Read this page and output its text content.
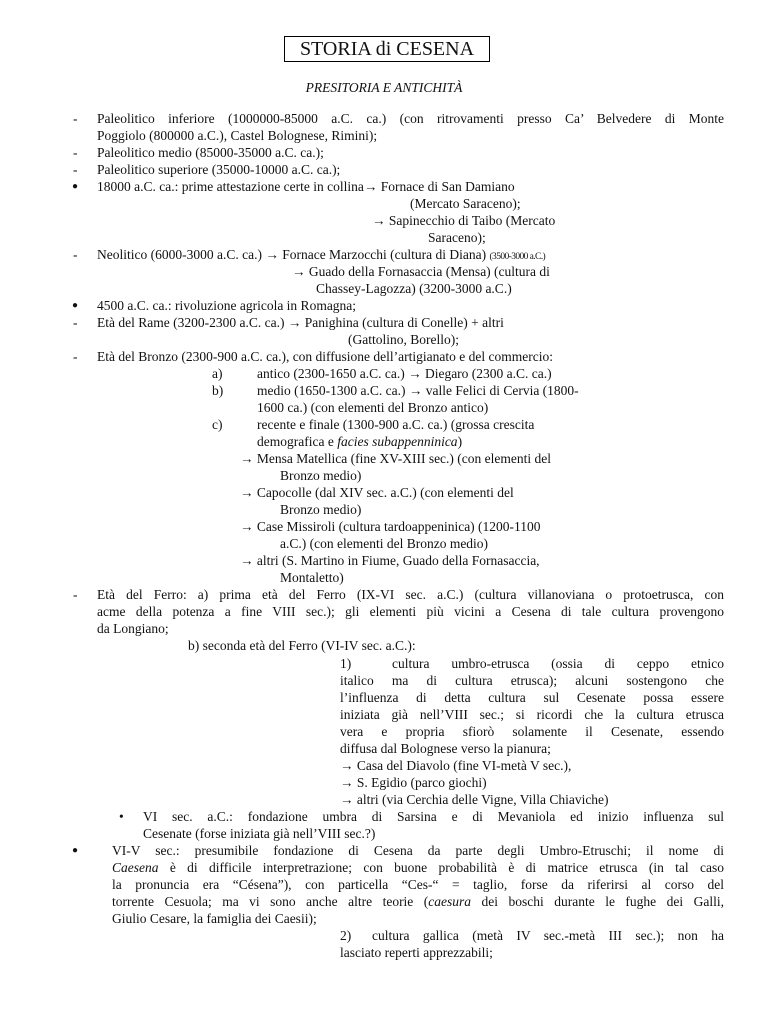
STORIA di CESENA
PRESITORIA E ANTICHITÀ
- Paleolitico inferiore (1000000-85000 a.C. ca.) (con ritrovamenti presso Ca’ Belvedere di Monte
Poggiolo (800000 a.C.), Castel Bolognese, Rimini);
- Paleolitico medio (85000-35000 a.C. ca.);
- Paleolitico superiore (35000-10000 a.C. ca.);
● 18000 a.C. ca.: prime attestazione certe in collina→ Fornace di San Damiano
(Mercato Saraceno);
→ Sapinecchio di Taibo (Mercato
Saraceno);
- Neolitico (6000-3000 a.C. ca.) → Fornace Marzocchi (cultura di Diana) (3500-3000 a.C.)
→ Guado della Fornasaccia (Mensa) (cultura di
Chassey-Lagozza) (3200-3000 a.C.)
● 4500 a.C. ca.: rivoluzione agricola in Romagna;
- Età del Rame (3200-2300 a.C. ca.) → Panighina (cultura di Conelle) + altri
(Gattolino, Borello);
- Età del Bronzo (2300-900 a.C. ca.), con diffusione dell’artigianato e del commercio:
a)	antico (2300-1650 a.C. ca.) → Diegaro (2300 a.C. ca.)
b)	medio (1650-1300 a.C. ca.) → valle Felici di Cervia (1800-
1600 ca.) (con elementi del Bronzo antico)
c)	recente e finale (1300-900 a.C. ca.) (grossa crescita
demografica e facies subappenninica)
→ Mensa Matellica (fine XV-XIII sec.) (con elementi del
Bronzo medio)
→ Capocolle (dal XIV sec. a.C.) (con elementi del
Bronzo medio)
→ Case Missiroli (cultura tardoappeninica) (1200-1100
a.C.) (con elementi del Bronzo medio)
→ altri (S. Martino in Fiume, Guado della Fornasaccia,
Montaletto)
- Età del Ferro: a) prima età del Ferro (IX-VI sec. a.C.) (cultura villanoviana o protoetrusca, con
acme della potenza a fine VIII sec.); gli elementi più vicini a Cesena di tale cultura provengono
da Longiano;
b) seconda età del Ferro (VI-IV sec. a.C.):
1)	cultura umbro-etrusca (ossia di ceppo etnico
italico ma di cultura etrusca); alcuni sostengono che
l’influenza di detta cultura sul Cesenate possa essere
iniziata già nell’VIII sec.; si ricordi che la cultura etrusca
vera e propria sfiorò solamente il Cesenate, essendo
diffusa dal Bolognese verso la pianura;
→ Casa del Diavolo (fine VI-metà V sec.),
→ S. Egidio (parco giochi)
→ altri (via Cerchia delle Vigne, Villa Chiaviche)
• VI sec. a.C.: fondazione umbra di Sarsina e di Mevaniola ed inizio influenza sul
Cesenate (forse iniziata già nell’VIII sec.?)
●	VI-V sec.: presumibile fondazione di Cesena da parte degli Umbro-Etruschi; il nome di
Caesena è di difficile interpretrazione; con buone probabilità è di matrice etrusca (in tal caso
la pronuncia era “Césena”), con particella “Ces-“ = taglio, forse da riferirsi al corso del
torrente Cesuola; ma vi sono anche altre teorie (caesura dei boschi durante le fughe dei Galli,
Giulio Cesare, la famiglia dei Caesii);
2) cultura gallica (metà IV sec.-metà III sec.); non ha
lasciato reperti apprezzabili;
